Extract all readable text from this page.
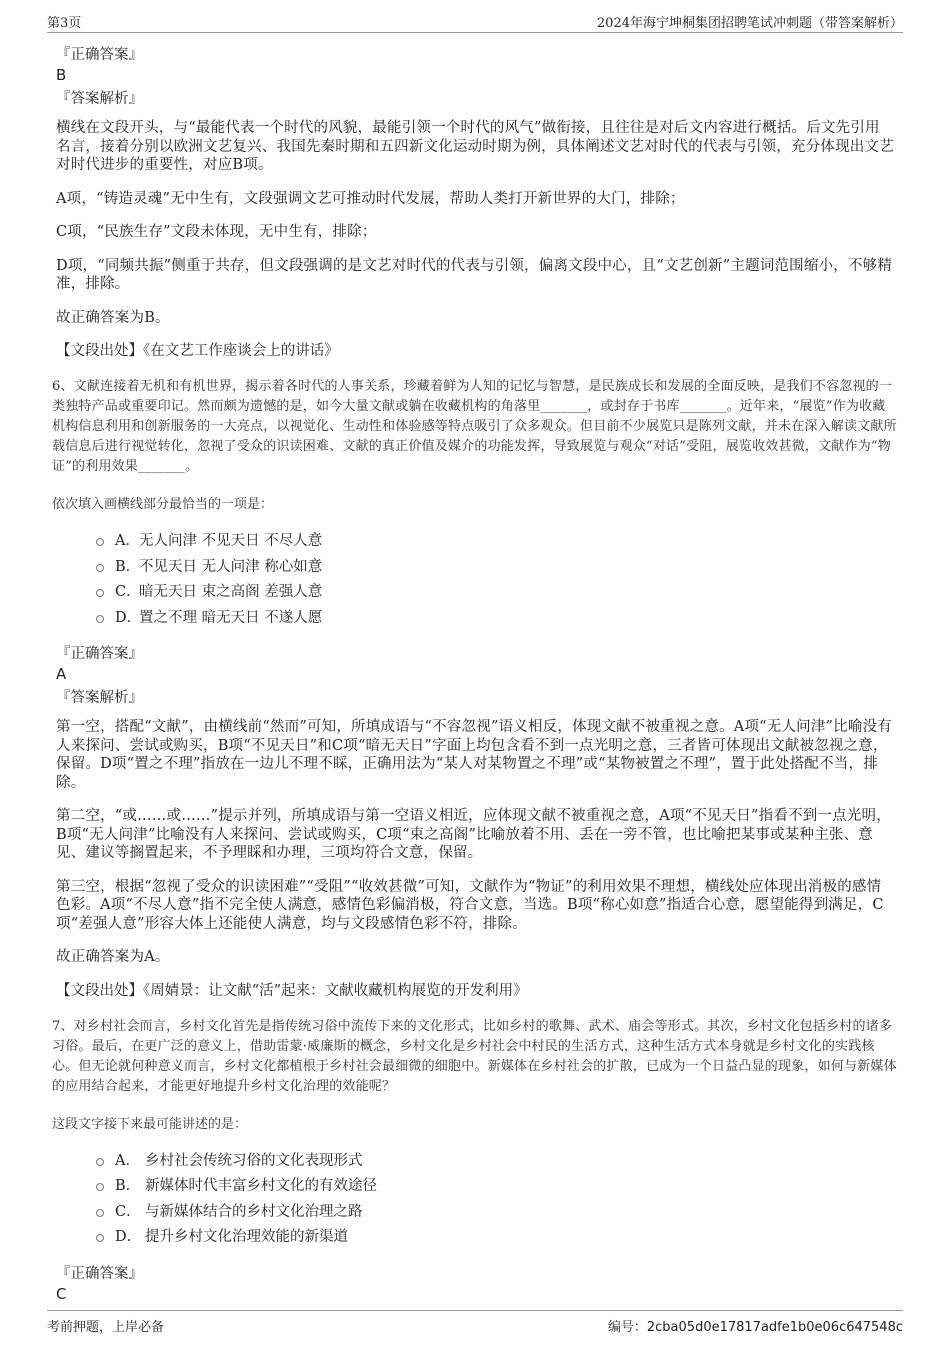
第3页	2024年海宁坤桐集团招聘笔试冲刺题（带答案解析）
『正确答案』
B
『答案解析』

横线在文段开头，与“最能代表一个时代的风貌，最能引领一个时代的风气”做衔接，且往往是对后文内容进行概括。后文先引用名言，接着分别以欧洲文艺复兴、我国先秦时期和五四新文化运动时期为例，具体阐述文艺对时代的代表与引领，充分体现出文艺对时代进步的重要性，对应B项。

A项，“铸造灵魂”无中生有，文段强调文艺可推动时代发展，帮助人类打开新世界的大门，排除；

C项，“民族生存”文段未体现，无中生有，排除；

D项，“同频共振”侧重于共存，但文段强调的是文艺对时代的代表与引领，偏离文段中心，且“文艺创新”主题词范围缩小，不够精准，排除。

故正确答案为B。

【文段出处】《在文艺工作座谈会上的讲话》

6、文献连接着无机和有机世界，揭示着各时代的人事关系，珍藏着鲜为人知的记忆与智慧，是民族成长和发展的全面反映，是我们不容忽视的一类独特产品或重要印记。然而颇为遗憾的是，如今大量文献或躺在收藏机构的角落里_______，或封存于书库_______。近年来，“展览”作为收藏机构信息利用和创新服务的一大亮点，以视觉化、生动性和体验感等特点吸引了众多观众。但目前不少展览只是陈列文献，并未在深入解读文献所载信息后进行视觉转化，忽视了受众的识读困难、文献的真正价值及媒介的功能发挥，导致展览与观众“对话”受阻，展览收效甚微，文献作为“物证”的利用效果_______。

依次填入画横线部分最恰当的一项是：

A．无人问津 不见天日 不尽人意
B．不见天日 无人问津 称心如意
C．暗无天日 束之高阁 差强人意
D．置之不理 暗无天日 不遂人愿
『正确答案』
A
『答案解析』

第一空，搭配“文献”，由横线前“然而”可知，所填成语与“不容忽视”语义相反，体现文献不被重视之意。A项“无人问津”比喻没有人来探问、尝试或购买，B项“不见天日”和C项“暗无天日”字面上均包含看不到一点光明之意，三者皆可体现出文献被忽视之意，保留。D项“置之不理”指放在一边儿不理不睬，正确用法为“某人对某物置之不理”或“某物被置之不理”，置于此处搭配不当，排除。

第二空，“或……或……”提示并列，所填成语与第一空语义相近，应体现文献不被重视之意，A项“不见天日”指看不到一点光明，B项“无人问津”比喻没有人来探问、尝试或购买，C项“束之高阁”比喻放着不用、丢在一旁不管，也比喻把某事或某种主张、意见、建议等搁置起来，不予理睬和办理，三项均符合文意，保留。

第三空，根据“忽视了受众的识读困难”“受阻”“收效甚微”可知，文献作为“物证”的利用效果不理想，横线处应体现出消极的感情色彩。A项“不尽人意”指不完全使人满意，感情色彩偏消极，符合文意，当选。B项“称心如意”指适合心意，愿望能得到满足，C项“差强人意”形容大体上还能使人满意，均与文段感情色彩不符，排除。

故正确答案为A。

【文段出处】《周婧景：让文献“活”起来：文献收藏机构展览的开发利用》

7、对乡村社会而言，乡村文化首先是指传统习俗中流传下来的文化形式，比如乡村的歌舞、武术、庙会等形式。其次，乡村文化包括乡村的诸多习俗。最后，在更广泛的意义上，借助雷蒙·威廉斯的概念，乡村文化是乡村社会中村民的生活方式，这种生活方式本身就是乡村文化的实践核心。但无论就何种意义而言，乡村文化都植根于乡村社会最细微的细胞中。新媒体在乡村社会的扩散，已成为一个日益凸显的现象，如何与新媒体的应用结合起来，才能更好地提升乡村文化治理的效能呢？

这段文字接下来最可能讲述的是：

A． 乡村社会传统习俗的文化表现形式
B． 新媒体时代丰富乡村文化的有效途径
C． 与新媒体结合的乡村文化治理之路
D． 提升乡村文化治理效能的新渠道
『正确答案』
C
考前押题，上岸必备	编号：2cba05d0e17817adfe1b0e06c647548c
